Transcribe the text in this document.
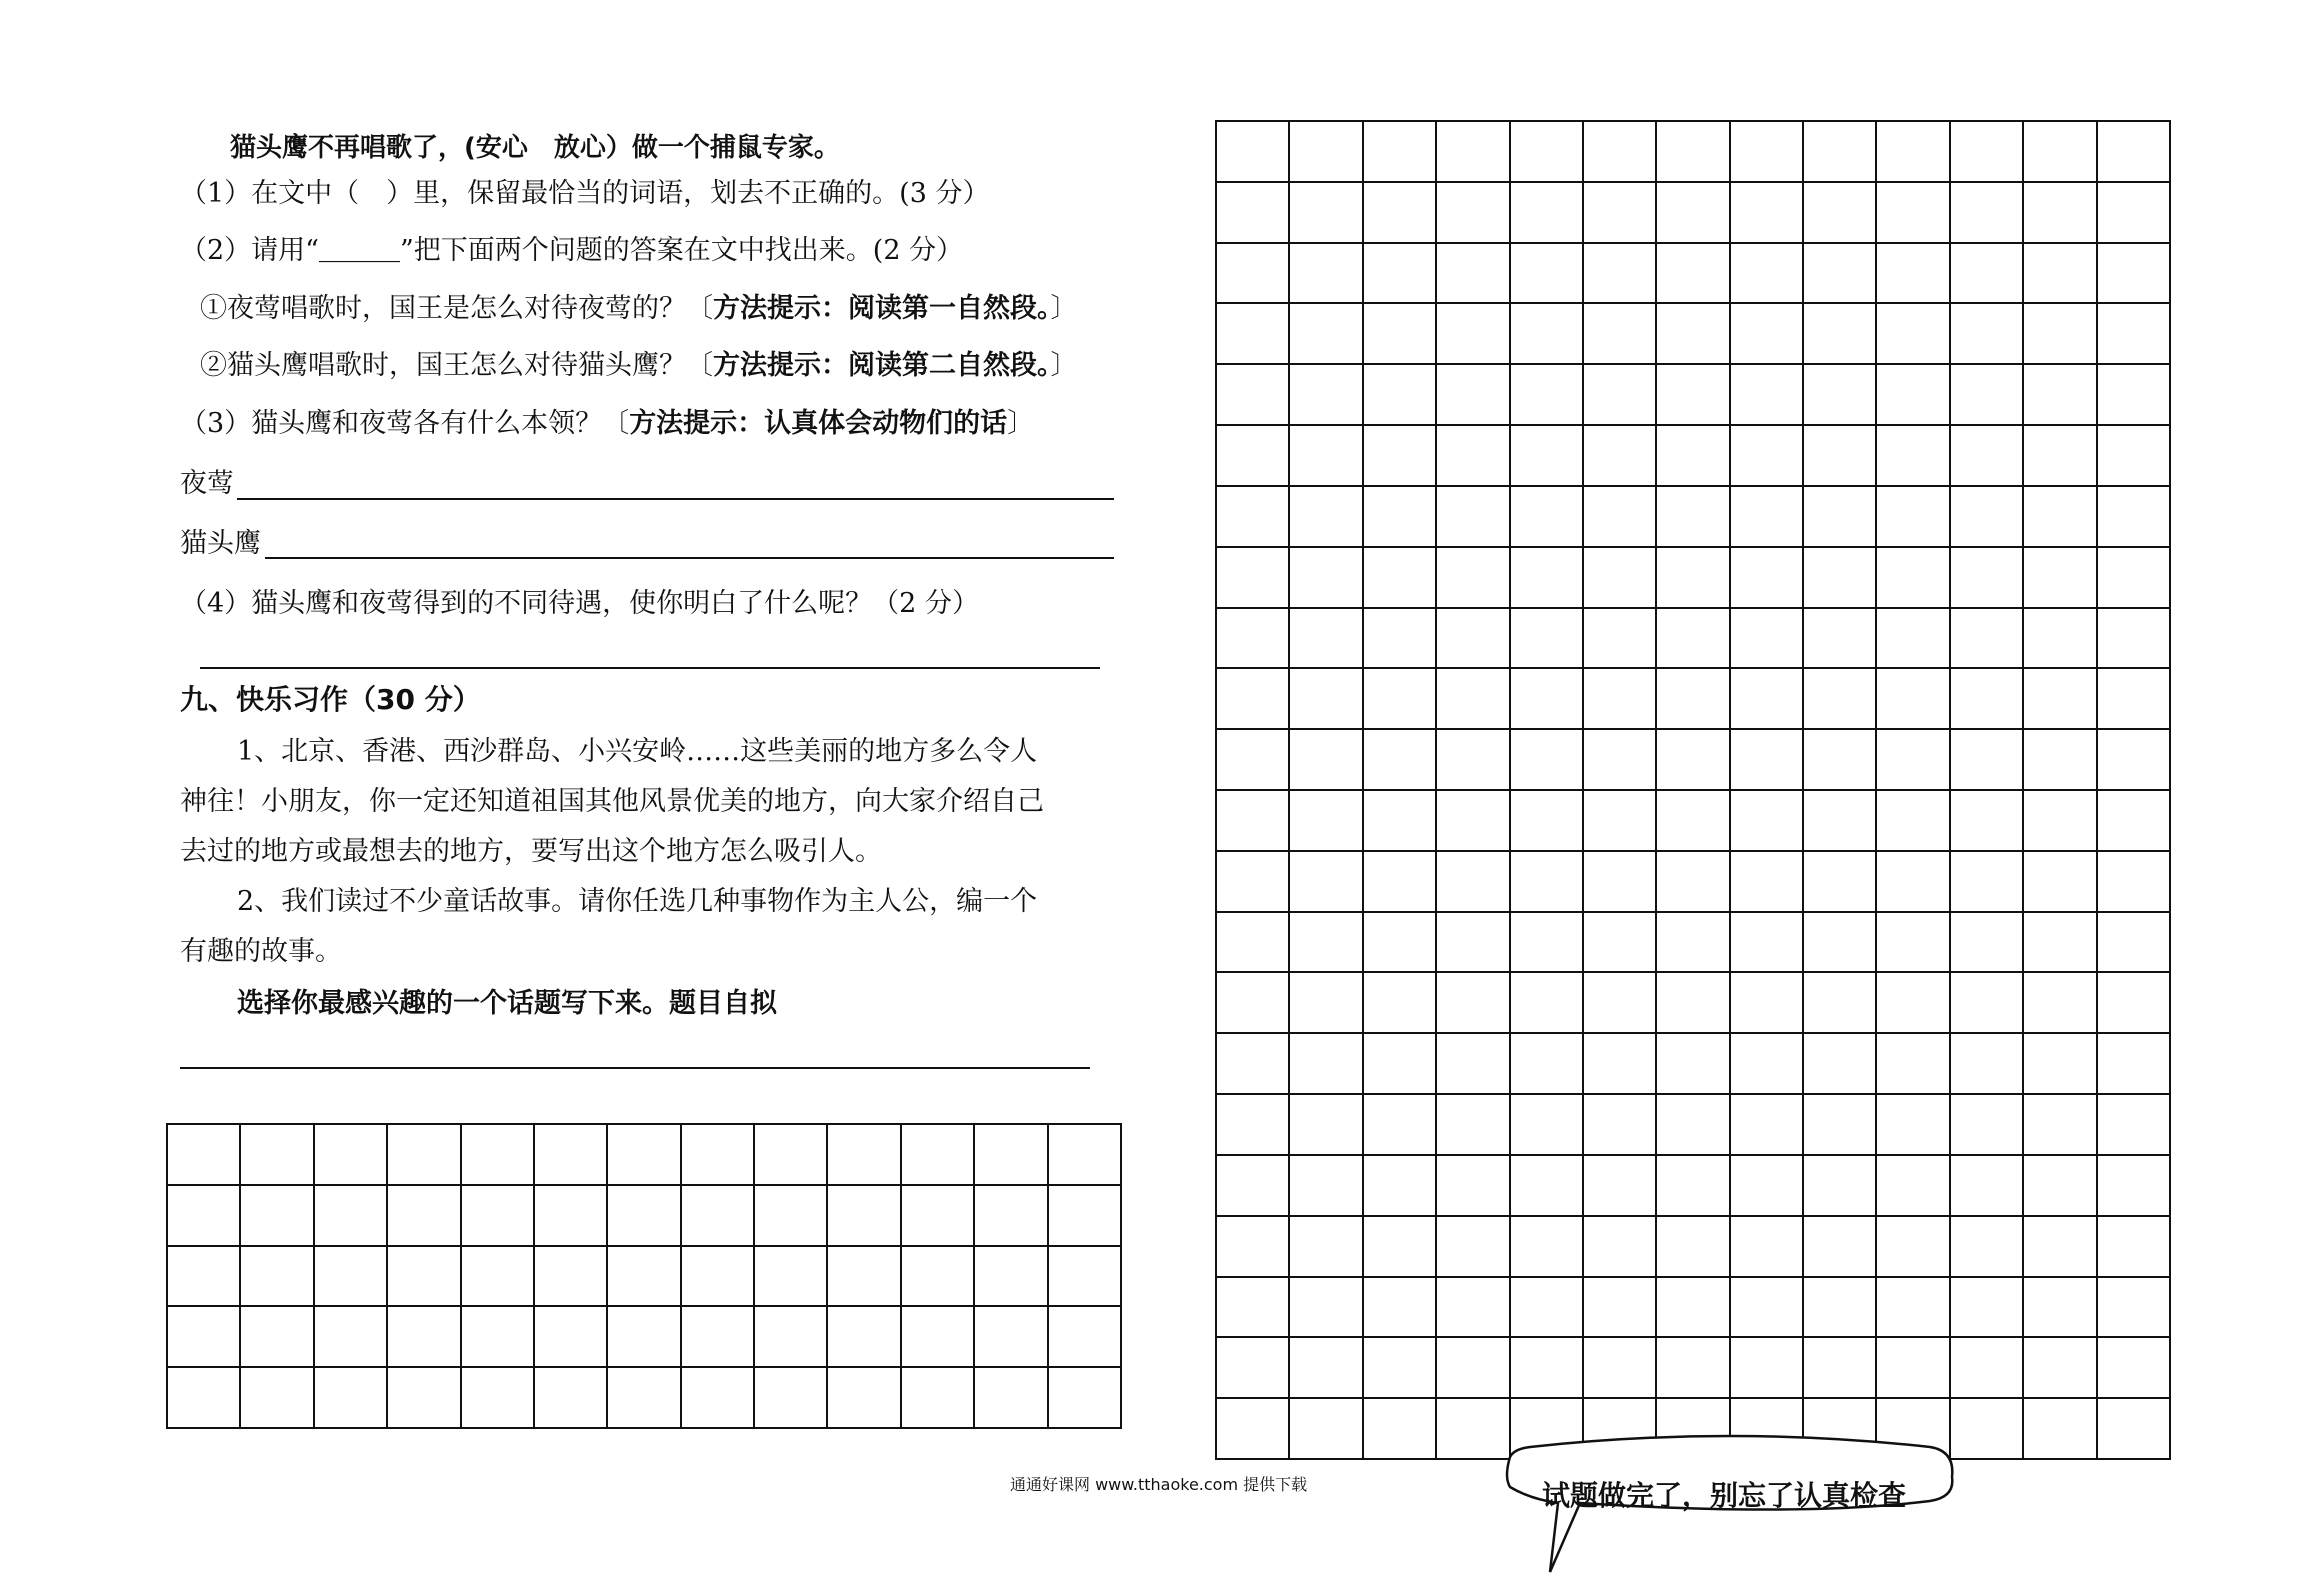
猫头鹰不再唱歌了，(安心　放心）做一个捕鼠专家。
（1）在文中（　）里，保留最恰当的词语，划去不正确的。(3 分）
（2）请用“＿＿＿”把下面两个问题的答案在文中找出来。(2 分）
①夜莺唱歌时，国王是怎么对待夜莺的？〔方法提示：阅读第一自然段。〕
②猫头鹰唱歌时，国王怎么对待猫头鹰？〔方法提示：阅读第二自然段。〕
（3）猫头鹰和夜莺各有什么本领？〔方法提示：认真体会动物们的话〕
夜莺
猫头鹰
（4）猫头鹰和夜莺得到的不同待遇，使你明白了什么呢？（2 分）
九、快乐习作（30 分）
1、北京、香港、西沙群岛、小兴安岭……这些美丽的地方多么令人
神往！小朋友，你一定还知道祖国其他风景优美的地方，向大家介绍自己
去过的地方或最想去的地方，要写出这个地方怎么吸引人。
2、我们读过不少童话故事。请你任选几种事物作为主人公，编一个
有趣的故事。
选择你最感兴趣的一个话题写下来。题目自拟
通通好课网 www.tthaoke.com 提供下载	试题做完了，别忘了认真检查
